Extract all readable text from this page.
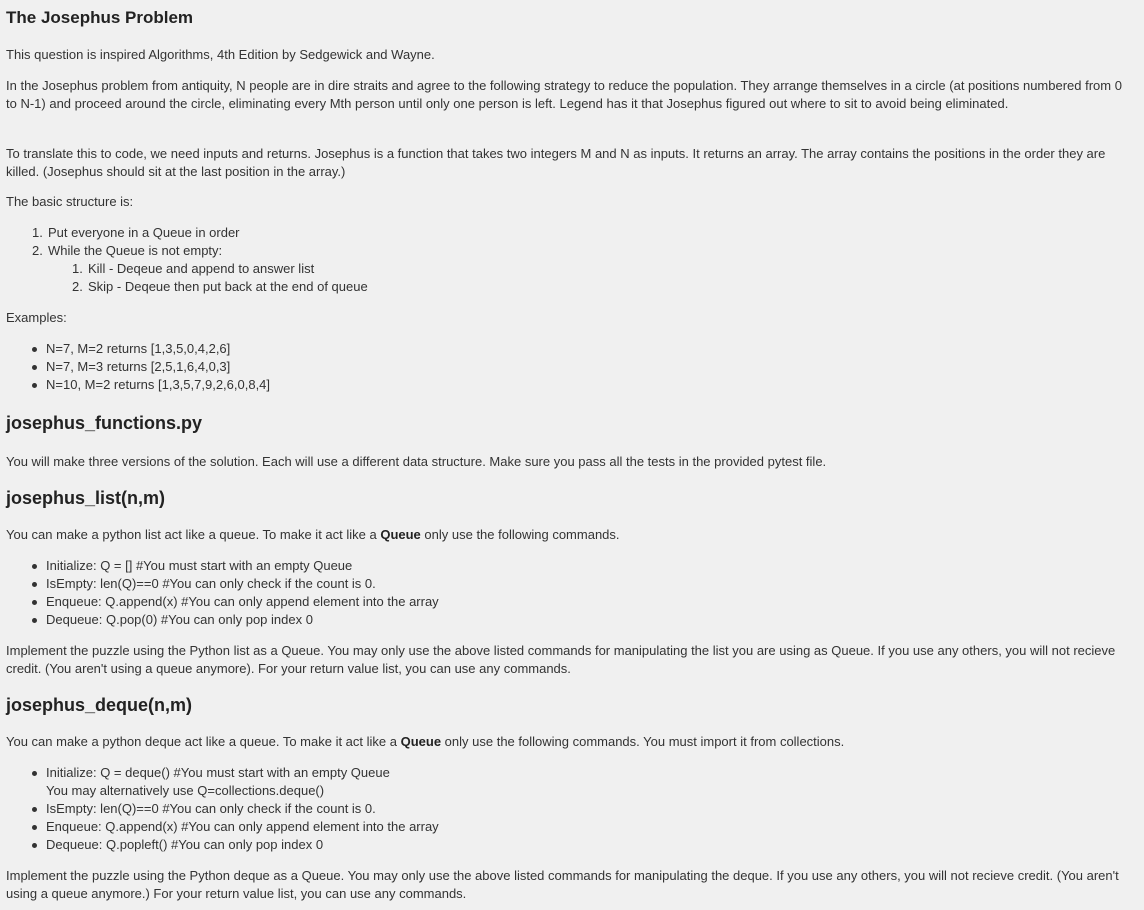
The Josephus Problem

This question is inspired Algorithms, 4th Edition by Sedgewick and Wayne.

In the Josephus problem from antiquity, N people are in dire straits and agree to the following strategy to reduce the population. They arrange themselves in a circle (at positions numbered from 0 to N-1) and proceed around the circle, eliminating every Mth person until only one person is left. Legend has it that Josephus figured out where to sit to avoid being eliminated.

To translate this to code, we need inputs and returns. Josephus is a function that takes two integers M and N as inputs. It returns an array. The array contains the positions in the order they are killed. (Josephus should sit at the last position in the array.)

The basic structure is:

1. Put everyone in a Queue in order
2. While the Queue is not empty:
1. Kill - Deqeue and append to answer list
2. Skip - Deqeue then put back at the end of queue

Examples:

N=7, M=2 returns [1,3,5,0,4,2,6]
N=7, M=3 returns [2,5,1,6,4,0,3]
N=10, M=2 returns [1,3,5,7,9,2,6,0,8,4]
josephus_functions.py

You will make three versions of the solution. Each will use a different data structure. Make sure you pass all the tests in the provided pytest file.

josephus_list(n,m)

You can make a python list act like a queue. To make it act like a Queue only use the following commands.

Initialize: Q = [] #You must start with an empty Queue
IsEmpty: len(Q)==0 #You can only check if the count is 0.
Enqueue: Q.append(x) #You can only append element into the array
Dequeue: Q.pop(0) #You can only pop index 0

Implement the puzzle using the Python list as a Queue. You may only use the above listed commands for manipulating the list you are using as Queue. If you use any others, you will not recieve credit. (You aren't using a queue anymore). For your return value list, you can use any commands.

josephus_deque(n,m)

You can make a python deque act like a queue. To make it act like a Queue only use the following commands. You must import it from collections.

Initialize: Q = deque() #You must start with an empty Queue
You may alternatively use Q=collections.deque()
IsEmpty: len(Q)==0 #You can only check if the count is 0.
Enqueue: Q.append(x) #You can only append element into the array
Dequeue: Q.popleft() #You can only pop index 0

Implement the puzzle using the Python deque as a Queue. You may only use the above listed commands for manipulating the deque. If you use any others, you will not recieve credit. (You aren't using a queue anymore.) For your return value list, you can use any commands.
